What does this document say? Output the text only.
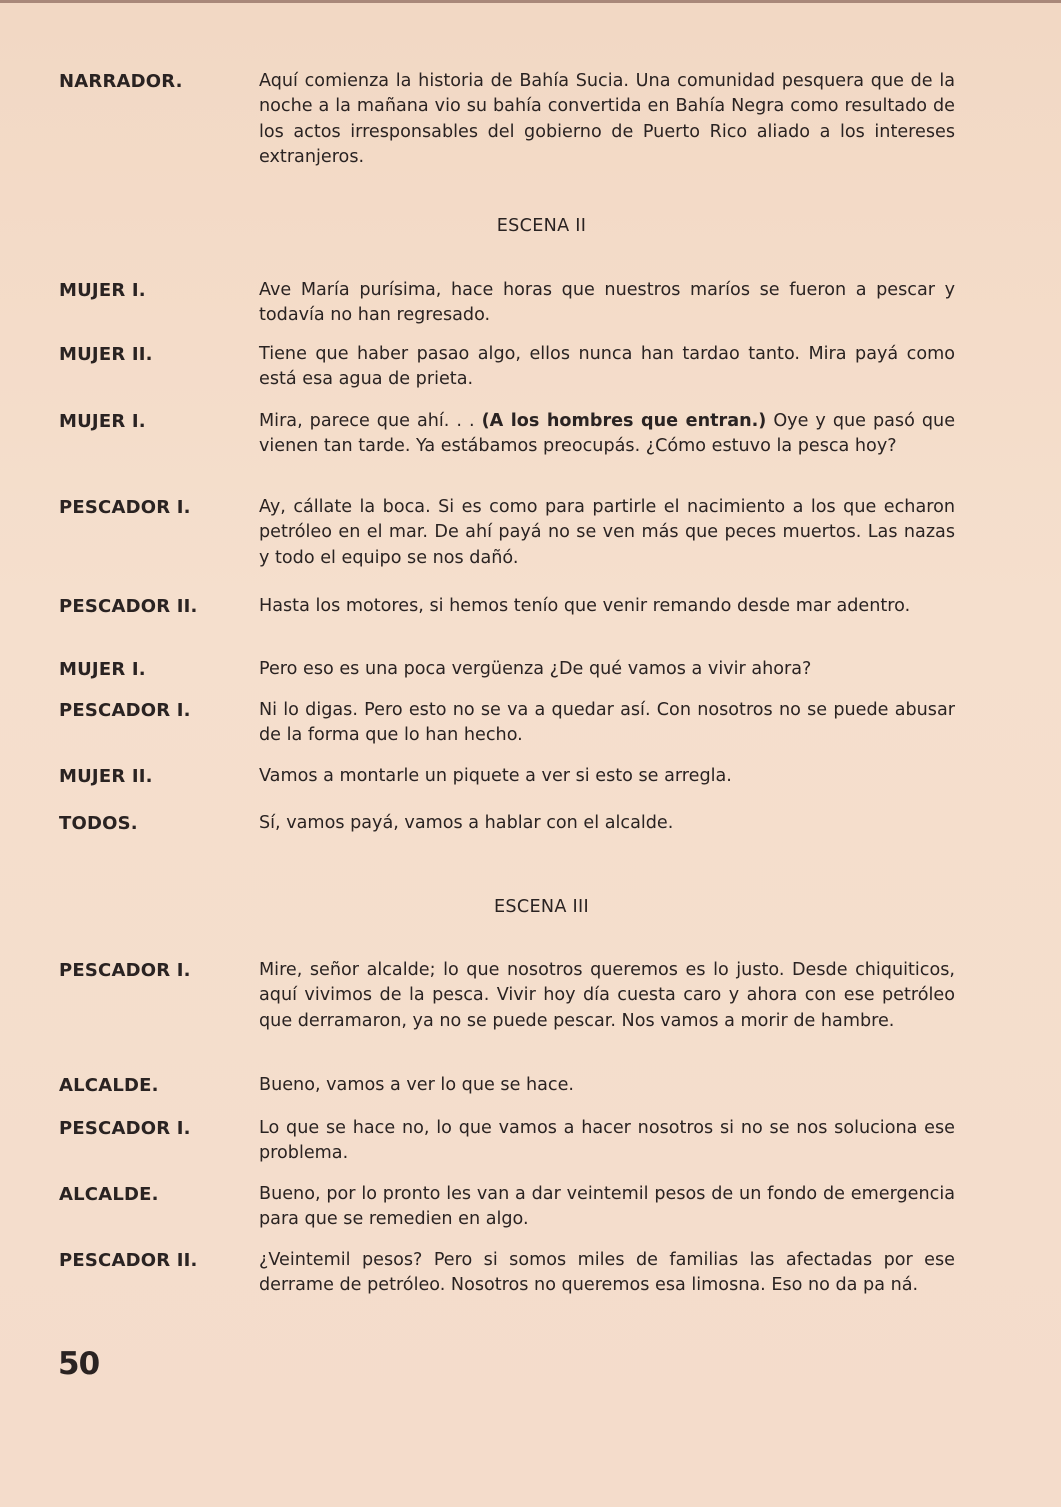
NARRADOR.	Aquí comienza la historia de Bahía Sucia. Una comunidad pesquera que de la noche a la mañana vio su bahía convertida en Bahía Negra como resultado de los actos irresponsables del gobierno de Puerto Rico aliado a los intereses extranjeros.
ESCENA II
MUJER I.	Ave María purísima, hace horas que nuestros maríos se fueron a pescar y todavía no han regresado.
MUJER II.	Tiene que haber pasao algo, ellos nunca han tardao tanto. Mira payá como está esa agua de prieta.
MUJER I.	Mira, parece que ahí. . . (A los hombres que entran.) Oye y que pasó que vienen tan tarde. Ya estábamos preocupás. ¿Cómo estuvo la pesca hoy?
PESCADOR I.	Ay, cállate la boca. Si es como para partirle el nacimiento a los que echaron petróleo en el mar. De ahí payá no se ven más que peces muertos. Las nazas y todo el equipo se nos dañó.
PESCADOR II.	Hasta los motores, si hemos tenío que venir remando desde mar adentro.
MUJER I.	Pero eso es una poca vergüenza ¿De qué vamos a vivir ahora?
PESCADOR I.	Ni lo digas. Pero esto no se va a quedar así. Con nosotros no se puede abusar de la forma que lo han hecho.
MUJER II.	Vamos a montarle un piquete a ver si esto se arregla.
TODOS.	Sí, vamos payá, vamos a hablar con el alcalde.
ESCENA III
PESCADOR I.	Mire, señor alcalde; lo que nosotros queremos es lo justo. Desde chiquiticos, aquí vivimos de la pesca. Vivir hoy día cuesta caro y ahora con ese petróleo que derramaron, ya no se puede pescar. Nos vamos a morir de hambre.
ALCALDE.	Bueno, vamos a ver lo que se hace.
PESCADOR I.	Lo que se hace no, lo que vamos a hacer nosotros si no se nos soluciona ese problema.
ALCALDE.	Bueno, por lo pronto les van a dar veintemil pesos de un fondo de emergencia para que se remedien en algo.
PESCADOR II.	¿Veintemil pesos? Pero si somos miles de familias las afectadas por ese derrame de petróleo. Nosotros no queremos esa limosna. Eso no da pa ná.
50
